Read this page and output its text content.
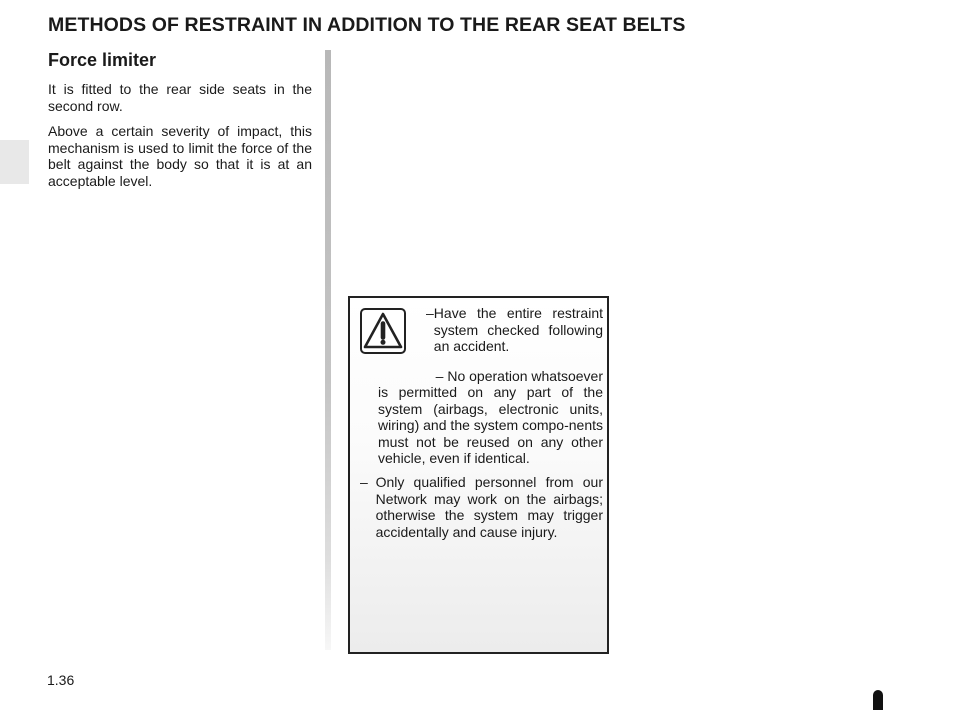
METHODS OF RESTRAINT IN ADDITION TO THE REAR SEAT BELTS
Force limiter

It is fitted to the rear side seats in the second row.

Above a certain severity of impact, this mechanism is used to limit the force of the belt against the body so that it is at an acceptable level.

– Have the entire restraint system checked following an accident.
– No operation whatsoever
is permitted on any part of the system (airbags, electronic units, wiring) and the system compo-nents must not be reused on any other vehicle, even if identical.
– Only qualified personnel from our Network may work on the airbags; otherwise the system may trigger accidentally and cause injury.
1.36
